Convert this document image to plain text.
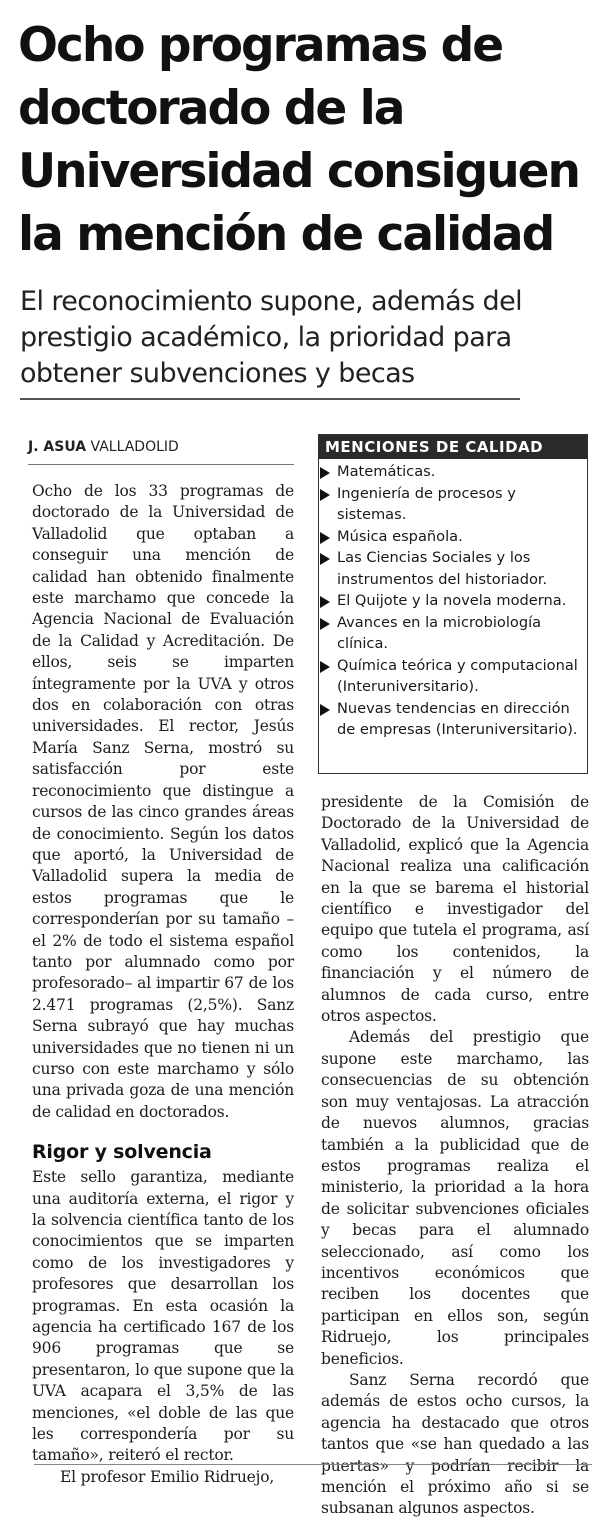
Ocho programas de doctorado de la Universidad consiguen la mención de calidad
El reconocimiento supone, además del prestigio académico, la prioridad para obtener subvenciones y becas
J. ASUA VALLADOLID

Ocho de los 33 programas de doctorado de la Universidad de Valladolid que optaban a conseguir una mención de calidad han obtenido finalmente este marchamo que concede la Agencia Nacional de Evaluación de la Calidad y Acreditación. De ellos, seis se imparten íntegramente por la UVA y otros dos en colaboración con otras universidades. El rector, Jesús María Sanz Serna, mostró su satisfacción por este reconocimiento que distingue a cursos de las cinco grandes áreas de conocimiento. Según los datos que aportó, la Universidad de Valladolid supera la media de estos programas que le corresponderían por su tamaño –el 2% de todo el sistema español tanto por alumnado como por profesorado– al impartir 67 de los 2.471 programas (2,5%). Sanz Serna subrayó que hay muchas universidades que no tienen ni un curso con este marchamo y sólo una privada goza de una mención de calidad en doctorados.

Rigor y solvencia

Este sello garantiza, mediante una auditoría externa, el rigor y la solvencia científica tanto de los conocimientos que se imparten como de los investigadores y profesores que desarrollan los programas. En esta ocasión la agencia ha certificado 167 de los 906 programas que se presentaron, lo que supone que la UVA acapara el 3,5% de las menciones, «el doble de las que les correspondería por su tamaño», reiteró el rector.

El profesor Emilio Ridruejo,

MENCIONES DE CALIDAD
Matemáticas.
Ingeniería de procesos y sistemas.
Música española.
Las Ciencias Sociales y los instrumentos del historiador.
El Quijote y la novela moderna.
Avances en la microbiología clínica.
Química teórica y computacional (Interuniversitario).
Nuevas tendencias en dirección de empresas (Interuniversitario).

presidente de la Comisión de Doctorado de la Universidad de Valladolid, explicó que la Agencia Nacional realiza una calificación en la que se barema el historial científico e investigador del equipo que tutela el programa, así como los contenidos, la financiación y el número de alumnos de cada curso, entre otros aspectos.

Además del prestigio que supone este marchamo, las consecuencias de su obtención son muy ventajosas. La atracción de nuevos alumnos, gracias también a la publicidad que de estos programas realiza el ministerio, la prioridad a la hora de solicitar subvenciones oficiales y becas para el alumnado seleccionado, así como los incentivos económicos que reciben los docentes que participan en ellos son, según Ridruejo, los principales beneficios.

Sanz Serna recordó que además de estos ocho cursos, la agencia ha destacado que otros tantos que «se han quedado a las puertas» y podrían recibir la mención el próximo año si se subsanan algunos aspectos.
